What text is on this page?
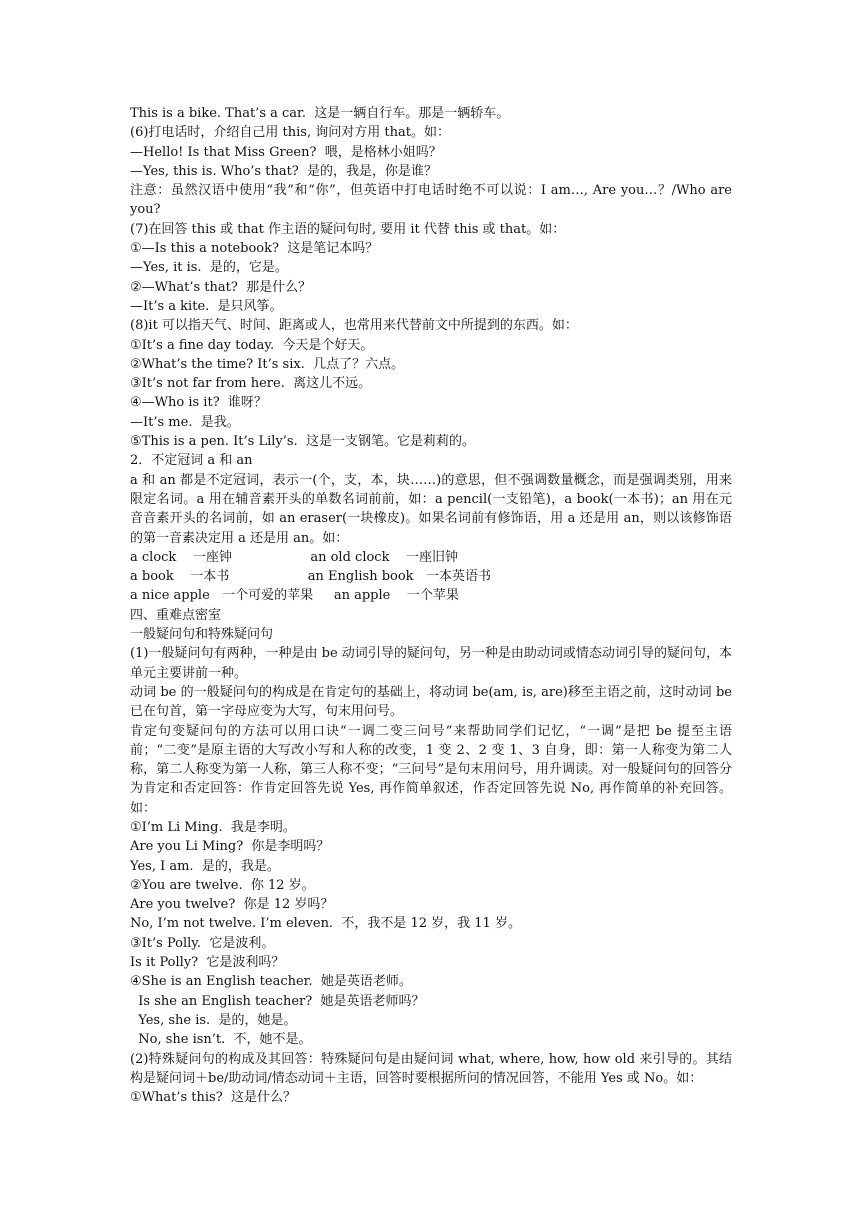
This is a bike. That’s a car.  这是一辆自行车。那是一辆轿车。
(6)打电话时，介绍自己用 this, 询问对方用 that。如：
—Hello! Is that Miss Green?  喂，是格林小姐吗？
—Yes, this is. Who’s that?  是的，我是，你是谁？
注意：虽然汉语中使用“我”和“你”，但英语中打电话时绝不可以说：I am…, Are you…？/Who are you?
(7)在回答 this 或 that 作主语的疑问句时, 要用 it 代替 this 或 that。如：
①—Is this a notebook?  这是笔记本吗？
—Yes, it is.  是的，它是。
②—What’s that?  那是什么？
—It’s a kite.  是只风筝。
(8)it 可以指天气、时间、距离或人，也常用来代替前文中所提到的东西。如：
①It’s a fine day today.  今天是个好天。
②What’s the time? It’s six.  几点了？六点。
③It’s not far from here.  离这儿不远。
④—Who is it?  谁呀？
—It’s me.  是我。
⑤This is a pen. It’s Lily’s.  这是一支钢笔。它是莉莉的。
2．不定冠词 a 和 an
a 和 an 都是不定冠词，表示一(个，支，本，块……)的意思，但不强调数量概念，而是强调类别，用来限定名词。a 用在辅音素开头的单数名词前前，如：a pencil(一支铅笔)，a book(一本书)；an 用在元音音素开头的名词前，如 an eraser(一块橡皮)。如果名词前有修饰语，用 a 还是用 an，则以该修饰语的第一音素决定用 a 还是用 an。如：
a clock    一座钟                   an old clock    一座旧钟
a book    一本书                   an English book   一本英语书
a nice apple   一个可爱的苹果     an apple    一个苹果
四、重难点密室
一般疑问句和特殊疑问句
(1)一般疑问句有两种，一种是由 be 动词引导的疑问句，另一种是由助动词或情态动词引导的疑问句，本单元主要讲前一种。
动词 be 的一般疑问句的构成是在肯定句的基础上，将动词 be(am, is, are)移至主语之前，这时动词 be 已在句首，第一字母应变为大写，句末用问号。
肯定句变疑问句的方法可以用口诀“一调二变三问号”来帮助同学们记忆，“一调”是把 be 提至主语前；“二变”是原主语的大写改小写和人称的改变，1 变 2、2 变 1、3 自身，即：第一人称变为第二人称，第二人称变为第一人称，第三人称不变；“三问号”是句末用问号，用升调读。对一般疑问句的回答分为肯定和否定回答：作肯定回答先说 Yes, 再作简单叙述，作否定回答先说 No, 再作简单的补充回答。如：
①I’m Li Ming.  我是李明。
Are you Li Ming?  你是李明吗？
Yes, I am.  是的，我是。
②You are twelve.  你 12 岁。
Are you twelve?  你是 12 岁吗？
No, I’m not twelve. I’m eleven.  不，我不是 12 岁，我 11 岁。
③It’s Polly.  它是波利。
Is it Polly?  它是波利吗？
④She is an English teacher.  她是英语老师。
Is she an English teacher?  她是英语老师吗？
Yes, she is.  是的，她是。
No, she isn’t.  不，她不是。
(2)特殊疑问句的构成及其回答：特殊疑问句是由疑问词 what, where, how, how old 来引导的。其结构是疑问词＋be/助动词/情态动词＋主语，回答时要根据所问的情况回答，不能用 Yes 或 No。如：
①What’s this?  这是什么？
